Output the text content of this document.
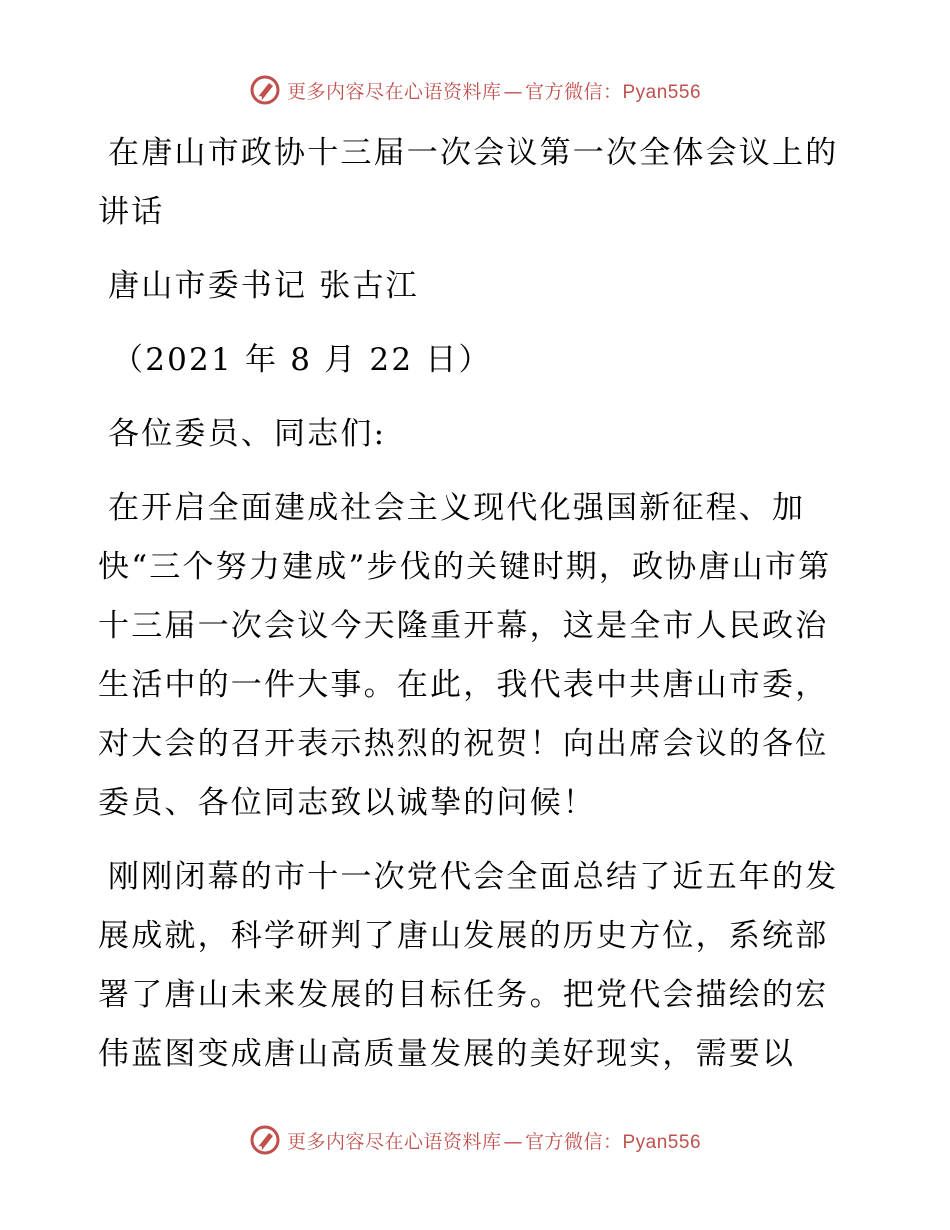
更多内容尽在心语资料库 — 官方微信：Pyan556
在唐山市政协十三届一次会议第一次全体会议上的讲话
唐山市委书记 张古江
（2021 年 8 月 22 日）
各位委员、同志们:
在开启全面建成社会主义现代化强国新征程、加快“三个努力建成”步伐的关键时期，政协唐山市第十三届一次会议今天隆重开幕，这是全市人民政治生活中的一件大事。在此，我代表中共唐山市委，对大会的召开表示热烈的祝贺！向出席会议的各位委员、各位同志致以诚挚的问候！
刚刚闭幕的市十一次党代会全面总结了近五年的发展成就，科学研判了唐山发展的历史方位，系统部署了唐山未来发展的目标任务。把党代会描绘的宏伟蓝图变成唐山高质量发展的美好现实，需要以
更多内容尽在心语资料库 — 官方微信：Pyan556
